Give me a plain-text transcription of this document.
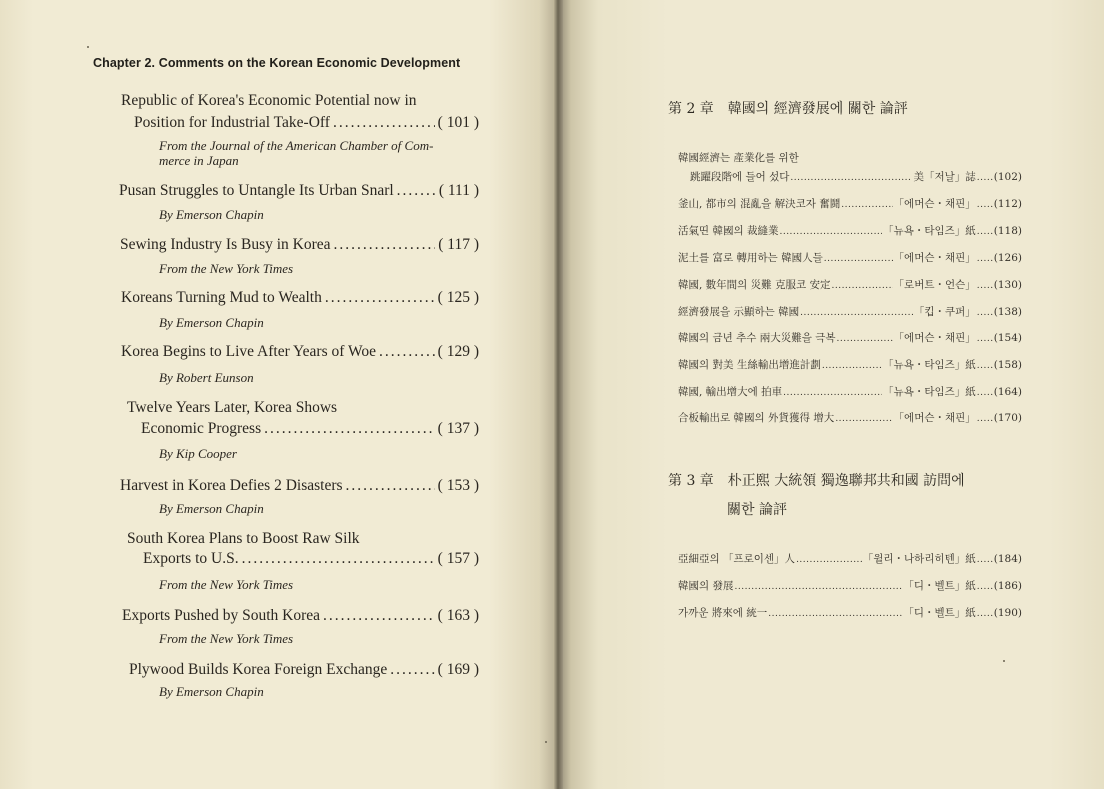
Chapter 2. Comments on the Korean Economic Development
Republic of Korea's Economic Potential now in
Position for Industrial Take-Off .....	( 101 )
From the Journal of the American Chamber of Com-
merce in Japan
Pusan Struggles to Untangle Its Urban Snarl .....	( 111 )
By Emerson Chapin
Sewing Industry Is Busy in Korea .....	( 117 )
From the New York Times
Koreans Turning Mud to Wealth .....	( 125 )
By Emerson Chapin
Korea Begins to Live After Years of Woe .....	( 129 )
By Robert Eunson
Twelve Years Later, Korea Shows
Economic Progress .....	( 137 )
By Kip Cooper
Harvest in Korea Defies 2 Disasters .....	( 153 )
By Emerson Chapin
South Korea Plans to Boost Raw Silk
Exports to U.S. .....	( 157 )
From the New York Times
Exports Pushed by South Korea .....	( 163 )
From the New York Times
Plywood Builds Korea Foreign Exchange .....	( 169 )
By Emerson Chapin
第 2 章　韓國의 經濟發展에 關한 論評
韓國經濟는 產業化를 위한
跳躍段階에 들어 섰다 .....	美「저날」誌 ..... (102)
釜山, 都市의 混亂을 解決코자 奮鬪 .....	「에머슨・채핀」 ..... (112)
活氣띤 韓國의 裁縫業 .....	「뉴욕・타임즈」紙 ..... (118)
泥土를 富로 轉用하는 韓國人들 .....	「에머슨・채핀」 ..... (126)
韓國, 數年間의 災難 克服코 安定 .....	「로버트・언슨」 ..... (130)
經濟發展을 示顯하는 韓國 .....	「킵・쿠퍼」 ..... (138)
韓國의 금년 추수 兩大災難을 극복 .....	「에머슨・채핀」 ..... (154)
韓國의 對美 生絲輸出增進計劃 .....	「뉴욕・타임즈」紙 ..... (158)
韓國, 輸出增大에 拍車 .....	「뉴욕・타임즈」紙 ..... (164)
合板輸出로 韓國의 外貨獲得 增大 .....	「에머슨・채핀」 ..... (170)
第 3 章　朴正熙 大統領 獨逸聯邦共和國 訪問에
關한 論評
亞細亞의 「프로이센」人 .....	「윌리・나하리히텐」紙 ..... (184)
韓國의 發展 .....	「디・벨트」紙 ..... (186)
가까운 將來에 統一 .....	「디・벨트」紙 ..... (190)
